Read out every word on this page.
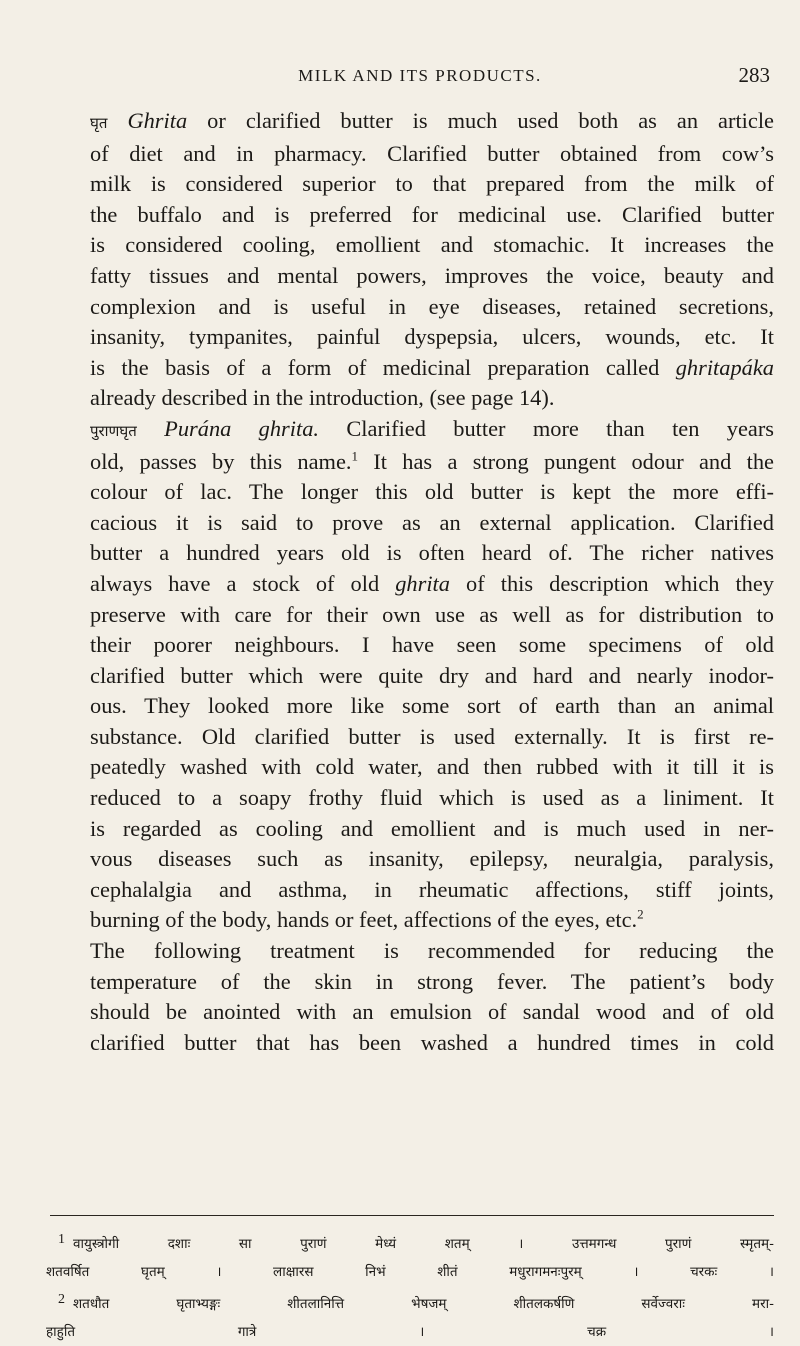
MILK AND ITS PRODUCTS.	283

घृत Ghrita or clarified butter is much used both as an article
of diet and in pharmacy. Clarified butter obtained from cow’s
milk is considered superior to that prepared from the milk of
the buffalo and is preferred for medicinal use. Clarified butter
is considered cooling, emollient and stomachic. It increases the
fatty tissues and mental powers, improves the voice, beauty and
complexion and is useful in eye diseases, retained secretions,
insanity, tympanites, painful dyspepsia, ulcers, wounds, etc. It
is the basis of a form of medicinal preparation called ghritapáka
already described in the introduction, (see page 14).

पुराणघृत Purána ghrita. Clarified butter more than ten years
old, passes by this name.$^1$ It has a strong pungent odour and the
colour of lac. The longer this old butter is kept the more effi-
cacious it is said to prove as an external application. Clarified
butter a hundred years old is often heard of. The richer natives
always have a stock of old ghrita of this description which they
preserve with care for their own use as well as for distribution to
their poorer neighbours. I have seen some specimens of old
clarified butter which were quite dry and hard and nearly inodor-
ous. They looked more like some sort of earth than an animal
substance. Old clarified butter is used externally. It is first re-
peatedly washed with cold water, and then rubbed with it till it is
reduced to a soapy frothy fluid which is used as a liniment. It
is regarded as cooling and emollient and is much used in ner-
vous diseases such as insanity, epilepsy, neuralgia, paralysis,
cephalalgia and asthma, in rheumatic affections, stiff joints,
burning of the body, hands or feet, affections of the eyes, etc.$^2$

The following treatment is recommended for reducing the
temperature of the skin in strong fever. The patient’s body
should be anointed with an emulsion of sandal wood and of old
clarified butter that has been washed a hundred times in cold

1 वायुस्त्रोगी दशाः सा पुराणं मेध्यं शतम् । उत्तमगन्ध पुराणं स्मृतम्-
शतवर्षित घृतम् । लाक्षारस निभं शीतं मधुरागमनःपुरम् । चरकः ।
2 शतधौत घृताभ्यङ्गः शीतलानित्ति भेषजम् शीतलकर्षणि सर्वेज्वराः मरा-
हाहुति गात्रे ।	चक्र ।
